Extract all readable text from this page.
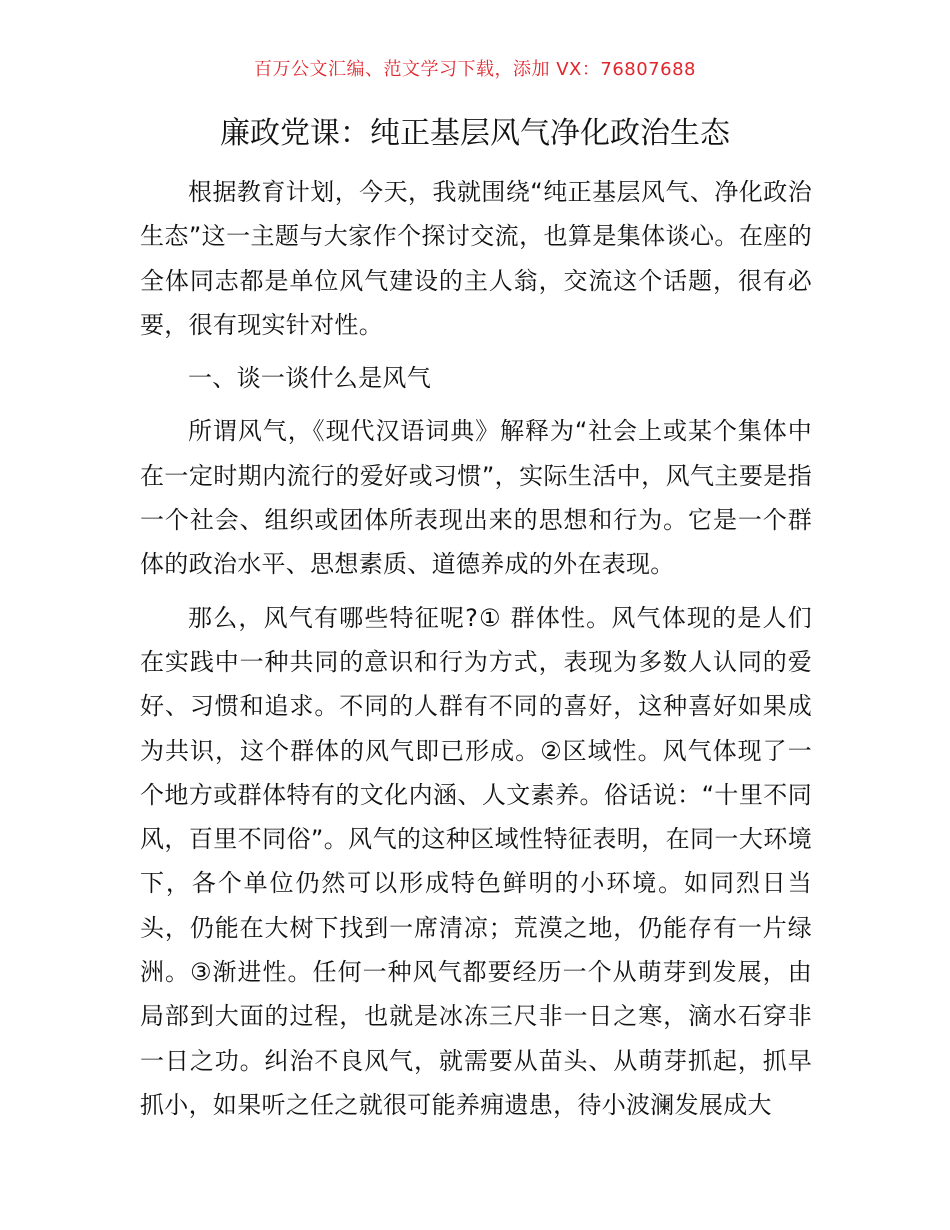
百万公文汇编、范文学习下载，添加 VX：76807688
廉政党课：纯正基层风气净化政治生态

根据教育计划，今天，我就围绕“纯正基层风气、净化政治生态”这一主题与大家作个探讨交流，也算是集体谈心。在座的全体同志都是单位风气建设的主人翁，交流这个话题，很有必要，很有现实针对性。

一、谈一谈什么是风气

所谓风气，《现代汉语词典》解释为“社会上或某个集体中在一定时期内流行的爱好或习惯”，实际生活中，风气主要是指一个社会、组织或团体所表现出来的思想和行为。它是一个群体的政治水平、思想素质、道德养成的外在表现。

那么，风气有哪些特征呢?① 群体性。风气体现的是人们在实践中一种共同的意识和行为方式，表现为多数人认同的爱好、习惯和追求。不同的人群有不同的喜好，这种喜好如果成为共识，这个群体的风气即已形成。②区域性。风气体现了一个地方或群体特有的文化内涵、人文素养。俗话说：“十里不同风，百里不同俗”。风气的这种区域性特征表明，在同一大环境下，各个单位仍然可以形成特色鲜明的小环境。如同烈日当头，仍能在大树下找到一席清凉；荒漠之地，仍能存有一片绿洲。③渐进性。任何一种风气都要经历一个从萌芽到发展，由局部到大面的过程，也就是冰冻三尺非一日之寒，滴水石穿非一日之功。纠治不良风气，就需要从苗头、从萌芽抓起，抓早抓小，如果听之任之就很可能养痈遗患，待小波澜发展成大
